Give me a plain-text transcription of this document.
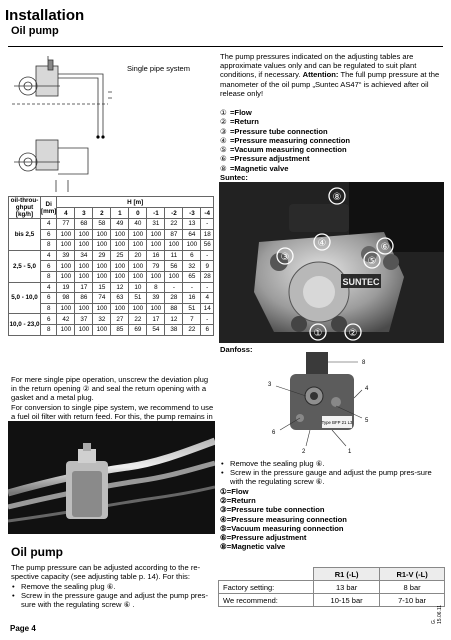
Installation
Oil pump
Single pipe system
oil-throu-ghput [kg/h]	Di [mm]	H [m]								
		4	3	2	1	0	-1	-2	-3	-4
bis 2,5	4	77	68	58	49	40	31	22	13	-
	6	100	100	100	100	100	100	87	64	18
	8	100	100	100	100	100	100	100	100	56
2,5 - 5,0	4	39	34	29	25	20	16	11	6	-
	6	100	100	100	100	100	79	56	32	9
	8	100	100	100	100	100	100	100	65	28
5,0 - 10,0	4	19	17	15	12	10	8	-	-	-
	6	98	86	74	63	51	39	28	16	4
	8	100	100	100	100	100	100	88	51	14
10,0 - 23,0	6	42	37	32	27	22	17	12	7	-
	8	100	100	100	85	69	54	38	22	6
For mere single pipe operation, unscrew the deviation plug in the return opening ② and seal the return opening with a gasket and a metal plug.
For conversion to single pipe system, we recommend to use a fuel oil filter with return feed. For this, the pump remains in
Oil pump
The pump pressure can be adjusted according to the re-spective capacity (see adjusting table p. 14). For this:
• Remove the sealing plug ⑥.
• Screw in the pressure gauge and adjust the pump pres-sure with the regulating screw ⑥ .
The pump pressures indicated on the adjusting tables are approximate values only and can be regulated to suit plant conditions, if necessary. Attention: The full pump pressure at the manometer of the oil pump „Suntec AS47“ is achieved after oil release only!
① =Flow
② =Return
③ =Pressure tube connection
④ =Pressure measuring connection
⑤ =Vacuum measuring connection
⑥ =Pressure adjustment
⑧ =Magnetic valve
Suntec:
⑧
④	⑥
③	⑤
①	②
SUNTEC
Danfoss:
Type BFP 21 L3
8
3
4
6
5
2	1
• Remove the sealing plug ⑥.
• Screw in the pressure gauge and adjust the pump pres-sure with the regulating screw ⑥.
①=Flow
②=Return
③=Pressure tube connection
④=Pressure measuring connection
⑤=Vacuum measuring connection
⑥=Pressure adjustment
⑧=Magnetic valve
	R1 (-L)	R1-V (-L)
Factory setting:	13 bar	8 bar
We recommend:	10-15 bar	7-10 bar
Page 4
G. 15.06.11
